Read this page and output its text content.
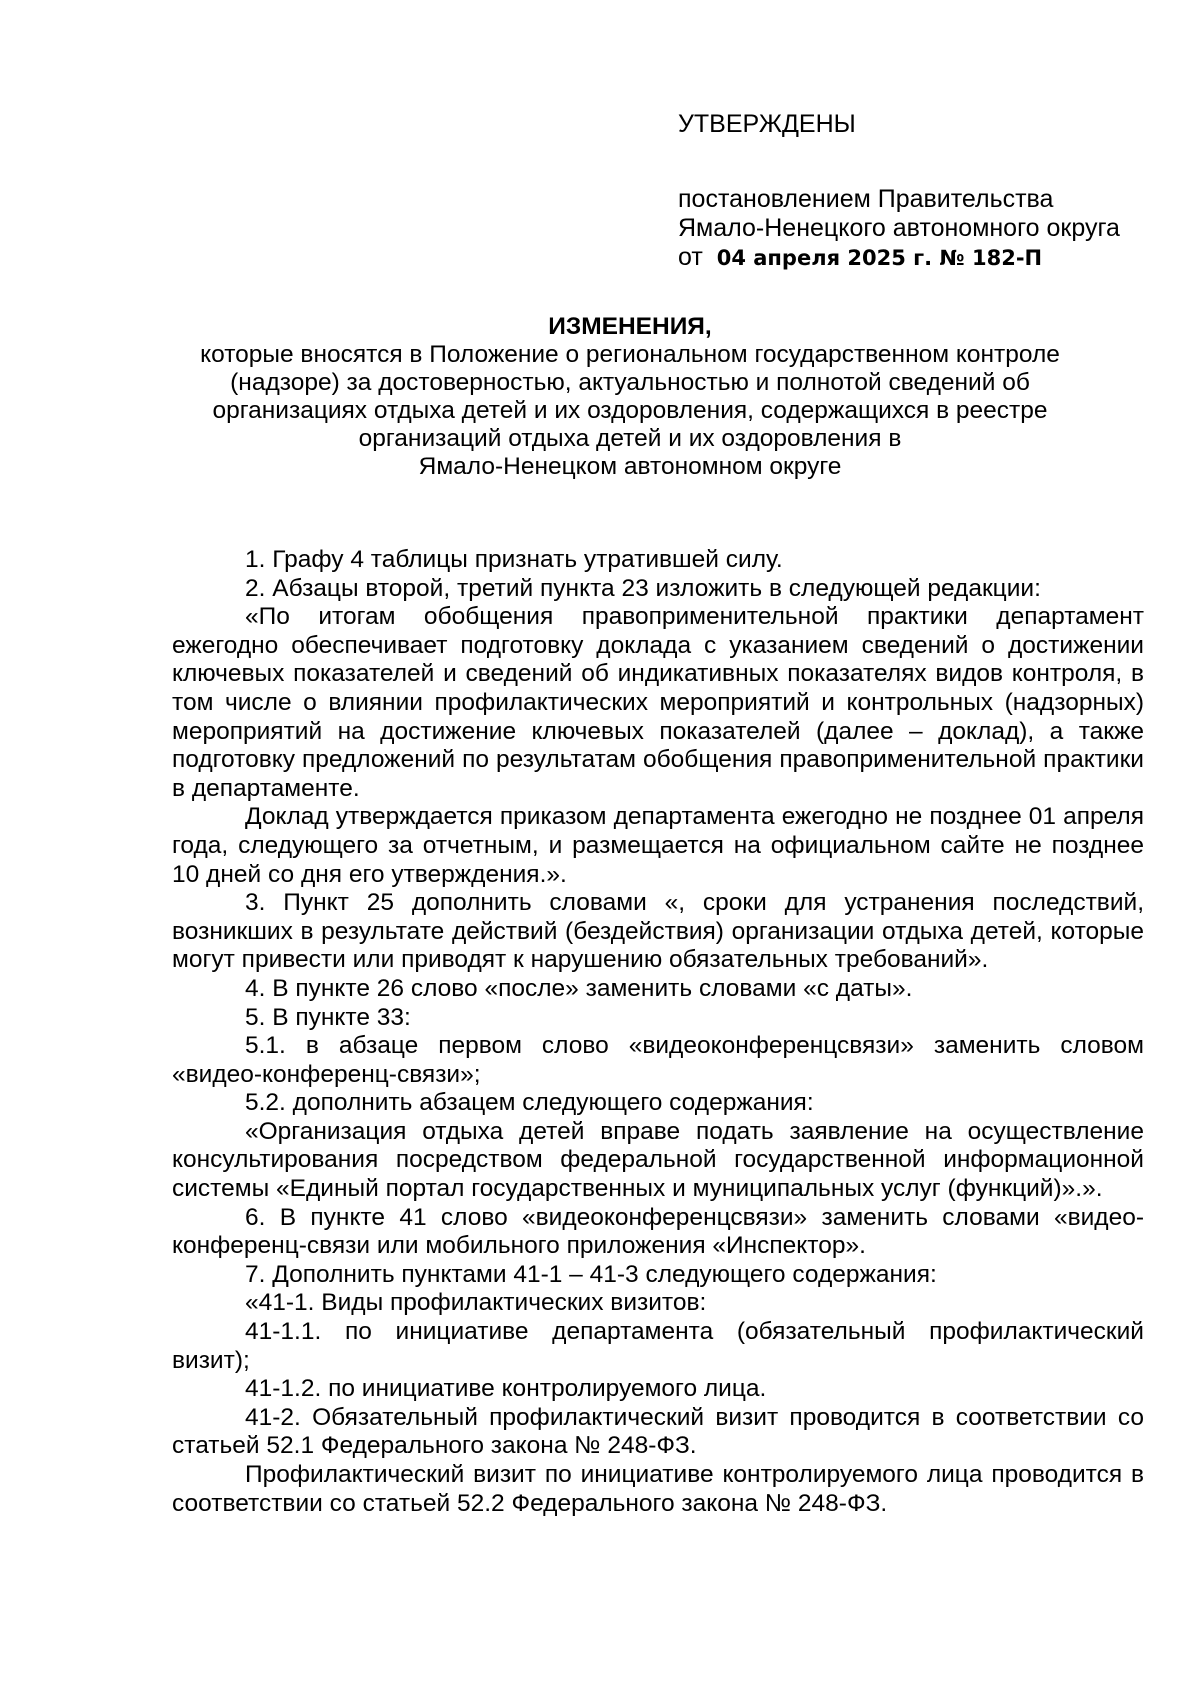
УТВЕРЖДЕНЫ
постановлением Правительства
Ямало-Ненецкого автономного округа
от 04 апреля 2025 г. № 182-П
ИЗМЕНЕНИЯ,
которые вносятся в Положение о региональном государственном контроле
(надзоре) за достоверностью, актуальностью и полнотой сведений об
организациях отдыха детей и их оздоровления, содержащихся в реестре
организаций отдыха детей и их оздоровления в
Ямало-Ненецком автономном округе

1. Графу 4 таблицы признать утратившей силу.

2. Абзацы второй, третий пункта 23 изложить в следующей редакции:

«По итогам обобщения правоприменительной практики департамент ежегодно обеспечивает подготовку доклада с указанием сведений о достижении ключевых показателей и сведений об индикативных показателях видов контроля, в том числе о влиянии профилактических мероприятий и контрольных (надзорных) мероприятий на достижение ключевых показателей (далее – доклад), а также подготовку предложений по результатам обобщения правоприменительной практики в департаменте.

Доклад утверждается приказом департамента ежегодно не позднее 01 апреля года, следующего за отчетным, и размещается на официальном сайте не позднее 10 дней со дня его утверждения.».

3. Пункт 25 дополнить словами «, сроки для устранения последствий, возникших в результате действий (бездействия) организации отдыха детей, которые могут привести или приводят к нарушению обязательных требований».

4. В пункте 26 слово «после» заменить словами «с даты».

5. В пункте 33:

5.1. в абзаце первом слово «видеоконференцсвязи» заменить словом «видео-конференц-связи»;

5.2. дополнить абзацем следующего содержания:

«Организация отдыха детей вправе подать заявление на осуществление консультирования посредством федеральной государственной информационной системы «Единый портал государственных и муниципальных услуг (функций)».».

6. В пункте 41 слово «видеоконференцсвязи» заменить словами «видео-конференц-связи или мобильного приложения «Инспектор».

7. Дополнить пунктами 41-1 – 41-3 следующего содержания:

«41-1. Виды профилактических визитов:

41-1.1. по инициативе департамента (обязательный профилактический визит);

41-1.2. по инициативе контролируемого лица.

41-2. Обязательный профилактический визит проводится в соответствии со статьей 52.1 Федерального закона № 248-ФЗ.

Профилактический визит по инициативе контролируемого лица проводится в соответствии со статьей 52.2 Федерального закона № 248-ФЗ.
